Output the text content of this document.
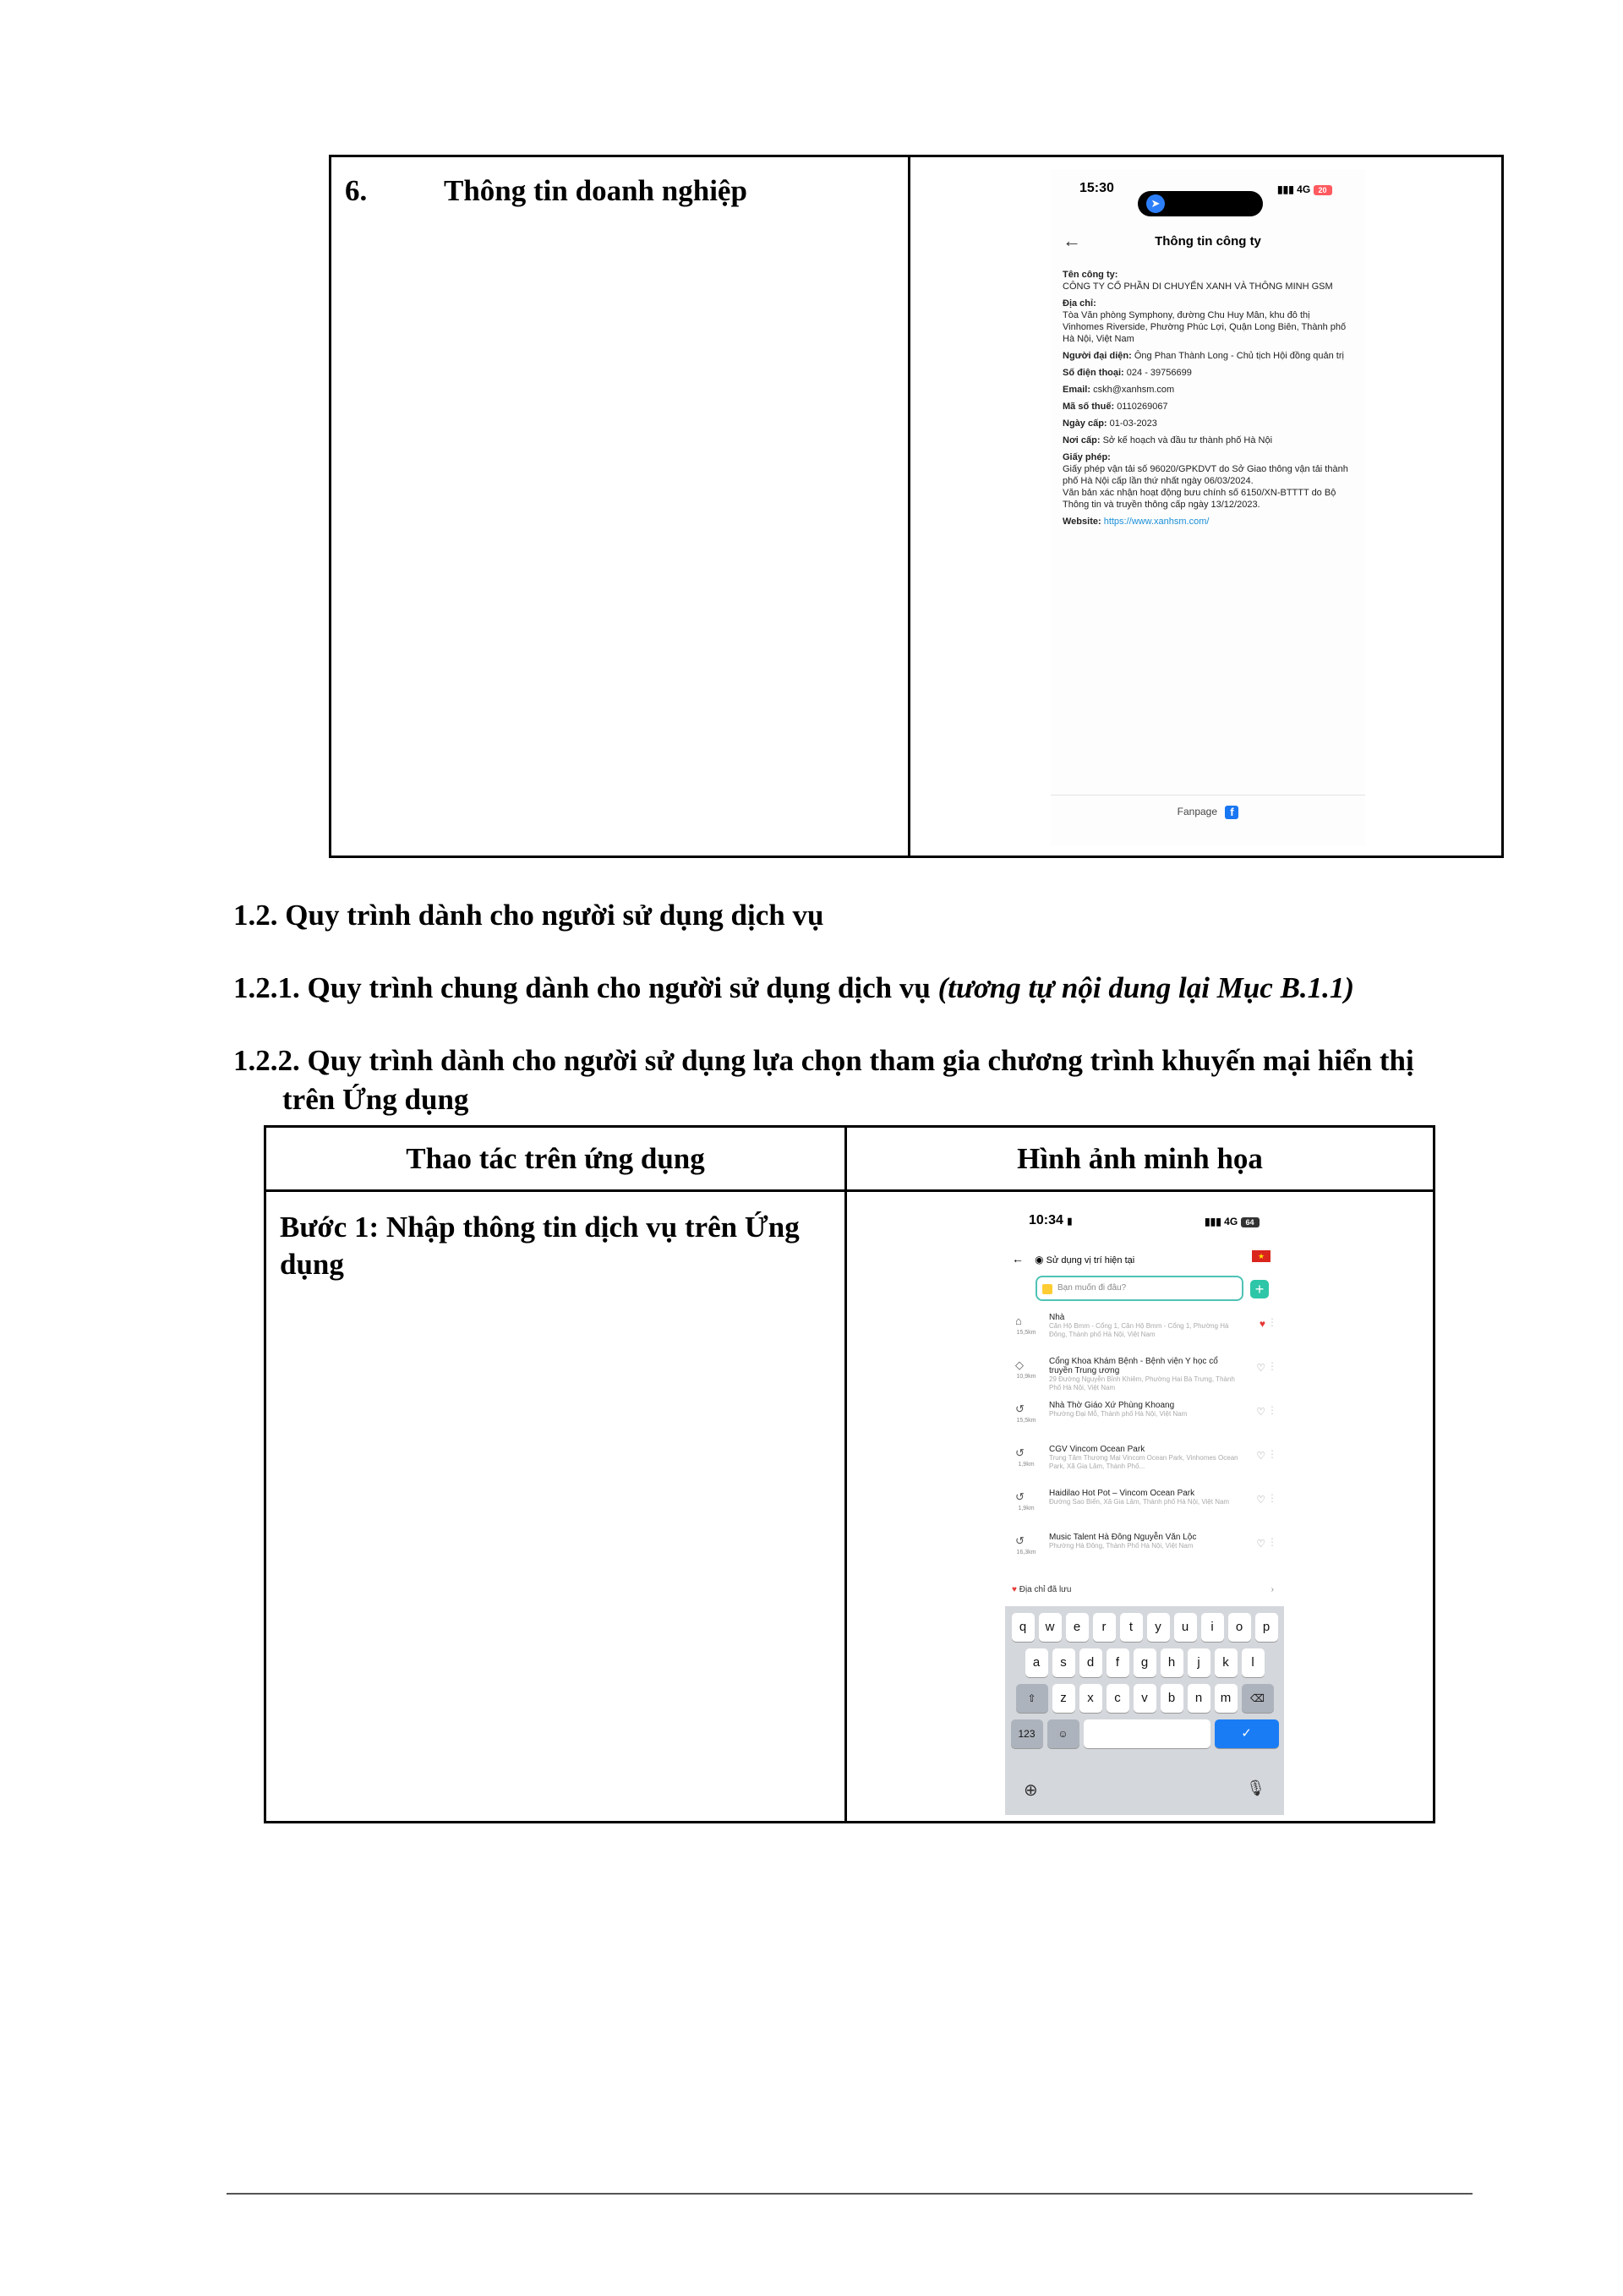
6.	Thông tin doanh nghiệp	15:30
➤
▮▮▮ 4G 20
←	Thông tin công ty
Tên công ty:
CÔNG TY CỔ PHẦN DI CHUYỂN XANH VÀ THÔNG MINH GSM
Địa chỉ:
Tòa Văn phòng Symphony, đường Chu Huy Mân, khu đô thị Vinhomes Riverside, Phường Phúc Lợi, Quận Long Biên, Thành phố Hà Nội, Việt Nam
Người đại diện: Ông Phan Thành Long - Chủ tịch Hội đồng quản trị
Số điện thoại: 024 - 39756699
Email: cskh@xanhsm.com
Mã số thuế: 0110269067
Ngày cấp: 01-03-2023
Nơi cấp: Sở kế hoạch và đầu tư thành phố Hà Nội
Giấy phép:
Giấy phép vận tải số 96020/GPKDVT do Sở Giao thông vận tải thành phố Hà Nội cấp lần thứ nhất ngày 06/03/2024.
Văn bản xác nhận hoạt động bưu chính số 6150/XN-BTTTT do Bộ Thông tin và truyền thông cấp ngày 13/12/2023.
Website: https://www.xanhsm.com/
Fanpage f
1.2. Quy trình dành cho người sử dụng dịch vụ
1.2.1. Quy trình chung dành cho người sử dụng dịch vụ (tương tự nội dung lại Mục B.1.1)
1.2.2. Quy trình dành cho người sử dụng lựa chọn tham gia chương trình khuyến mại hiển thị
trên Ứng dụng
Thao tác trên ứng dụng	Hình ảnh minh họa
Bước 1: Nhập thông tin dịch vụ trên Ứng dụng
10:34 ▮	▮▮▮ 4G 64
← ◉ Sử dụng vị trí hiện tại	★
Bạn muốn đi đâu?	+
⌂
15,5km
Nhà
Căn Hộ Bmm - Cổng 1, Căn Hộ Bmm - Cổng 1, Phường Hà Đông, Thành phố Hà Nội, Việt Nam
♥ ⋮
◇
10,9km
Cổng Khoa Khám Bệnh - Bệnh viện Y học cổ truyền Trung ương
29 Đường Nguyễn Bỉnh Khiêm, Phường Hai Bà Trưng, Thành Phố Hà Nội, Việt Nam
♡ ⋮
↺
15,5km
Nhà Thờ Giáo Xứ Phùng Khoang
Phường Đại Mỗ, Thành phố Hà Nội, Việt Nam	♡ ⋮
↺
1,9km
CGV Vincom Ocean Park
Trung Tâm Thương Mại Vincom Ocean Park, Vinhomes Ocean Park, Xã Gia Lâm, Thành Phố...
♡ ⋮
↺
1,9km
Haidilao Hot Pot – Vincom Ocean Park
Đường Sao Biển, Xã Gia Lâm, Thành phố Hà Nội, Việt Nam	♡ ⋮
↺
16,3km
Music Talent Hà Đông Nguyễn Văn Lộc
Phường Hà Đông, Thành Phố Hà Nội, Việt Nam	♡ ⋮
♥ Địa chỉ đã lưu	›
q	w	e	r	t	y	u	i	o	p
a	s	d	f	g	h	j	k	l
⇧	z	x	c	v	b	n	m	⌫
123	☺	✓
⊕	🎙
